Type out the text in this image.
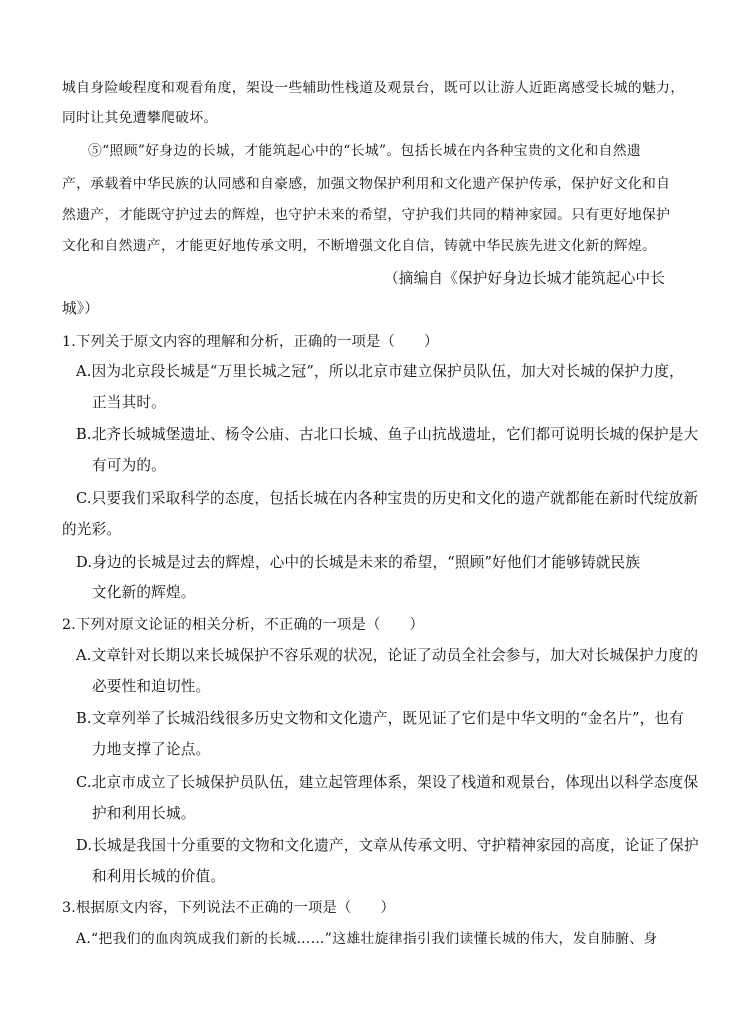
城自身险峻程度和观看角度，架设一些辅助性栈道及观景台，既可以让游人近距离感受长城的魅力，
同时让其免遭攀爬破坏。
⑤“照顾”好身边的长城，才能筑起心中的“长城”。包括长城在内各种宝贵的文化和自然遗
产，承载着中华民族的认同感和自豪感，加强文物保护利用和文化遗产保护传承，保护好文化和自
然遗产，才能既守护过去的辉煌，也守护未来的希望，守护我们共同的精神家园。只有更好地保护
文化和自然遗产，才能更好地传承文明，不断增强文化自信，铸就中华民族先进文化新的辉煌。
（摘编自《保护好身边长城才能筑起心中长
城》）
1.下列关于原文内容的理解和分析，正确的一项是（　　）
A.因为北京段长城是“万里长城之冠”，所以北京市建立保护员队伍，加大对长城的保护力度，
正当其时。
B.北齐长城城堡遗址、杨令公庙、古北口长城、鱼子山抗战遗址，它们都可说明长城的保护是大
有可为的。
C.只要我们采取科学的态度，包括长城在内各种宝贵的历史和文化的遗产就都能在新时代绽放新
的光彩。
D.身边的长城是过去的辉煌，心中的长城是未来的希望，“照顾”好他们才能够铸就民族
文化新的辉煌。
2.下列对原文论证的相关分析，不正确的一项是（　　）
A.文章针对长期以来长城保护不容乐观的状况，论证了动员全社会参与，加大对长城保护力度的
必要性和迫切性。
B.文章列举了长城沿线很多历史文物和文化遗产，既见证了它们是中华文明的“金名片”，也有
力地支撑了论点。
C.北京市成立了长城保护员队伍，建立起管理体系，架设了栈道和观景台，体现出以科学态度保
护和利用长城。
D.长城是我国十分重要的文物和文化遗产，文章从传承文明、守护精神家园的高度，论证了保护
和利用长城的价值。
3.根据原文内容，下列说法不正确的一项是（　　）
A.“把我们的血肉筑成我们新的长城……”这雄壮旋律指引我们读懂长城的伟大，发自肺腑、身
